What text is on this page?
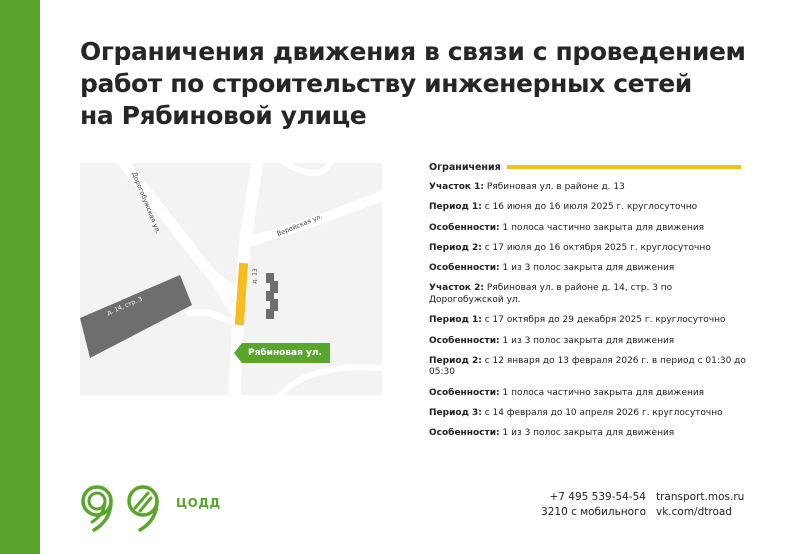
Ограничения движения в связи с проведением
работ по строительству инженерных сетей
на Рябиновой улице
Дорогобужская ул.	Верейская ул.
д. 13
д. 14, стр. 3
Рябиновая ул.
Ограничения
Участок 1: Рябиновая ул. в районе д. 13
Период 1: с 16 июня до 16 июля 2025 г. круглосуточно
Особенности: 1 полоса частично закрыта для движения
Период 2: с 17 июля до 16 октября 2025 г. круглосуточно
Особенности: 1 из 3 полос закрыта для движения
Участок 2: Рябиновая ул. в районе д. 14, стр. 3 по Дорогобужской ул.
Период 1: с 17 октября до 29 декабря 2025 г. круглосуточно
Особенности: 1 из 3 полос закрыта для движения
Период 2: с 12 января до 13 февраля 2026 г. в период с 01:30 до 05:30
Особенности: 1 полоса частично закрыта для движения
Период 3: с 14 февраля до 10 апреля 2026 г. круглосуточно
Особенности: 1 из 3 полос закрыта для движения
ЦОДД	+7 495 539-54-54
3210 с мобильного
transport.mos.ru
vk.com/dtroad
